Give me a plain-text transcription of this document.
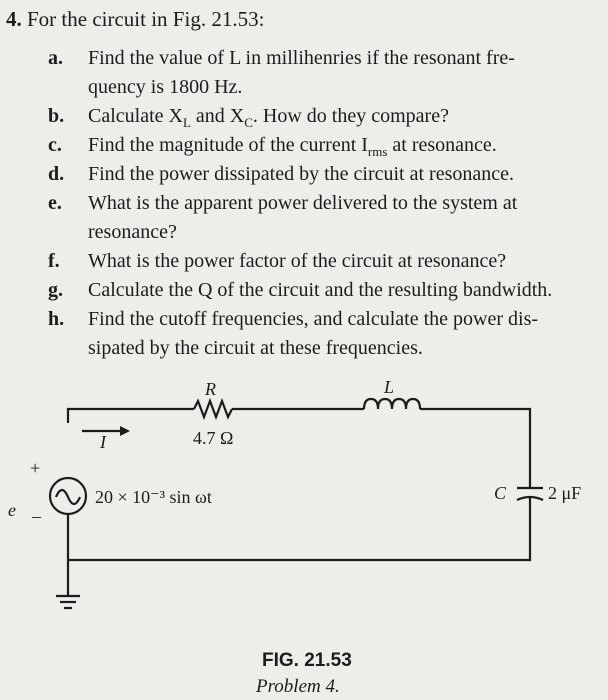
4. For the circuit in Fig. 21.53:
a. Find the value of L in millihenries if the resonant fre-
quency is 1800 Hz.
b. Calculate $X_L$ and $X_C$. How do they compare?
c. Find the magnitude of the current $I_{rms}$ at resonance.
d. Find the power dissipated by the circuit at resonance.
e. What is the apparent power delivered to the system at
resonance?
f. What is the power factor of the circuit at resonance?
g. Calculate the Q of the circuit and the resulting bandwidth.
h. Find the cutoff frequencies, and calculate the power dis-
sipated by the circuit at these frequencies.
R
4.7 Ω
L
I
C 2 μF
+
–
e
20 × 10⁻³ sin ωt
FIG. 21.53
Problem 4.
